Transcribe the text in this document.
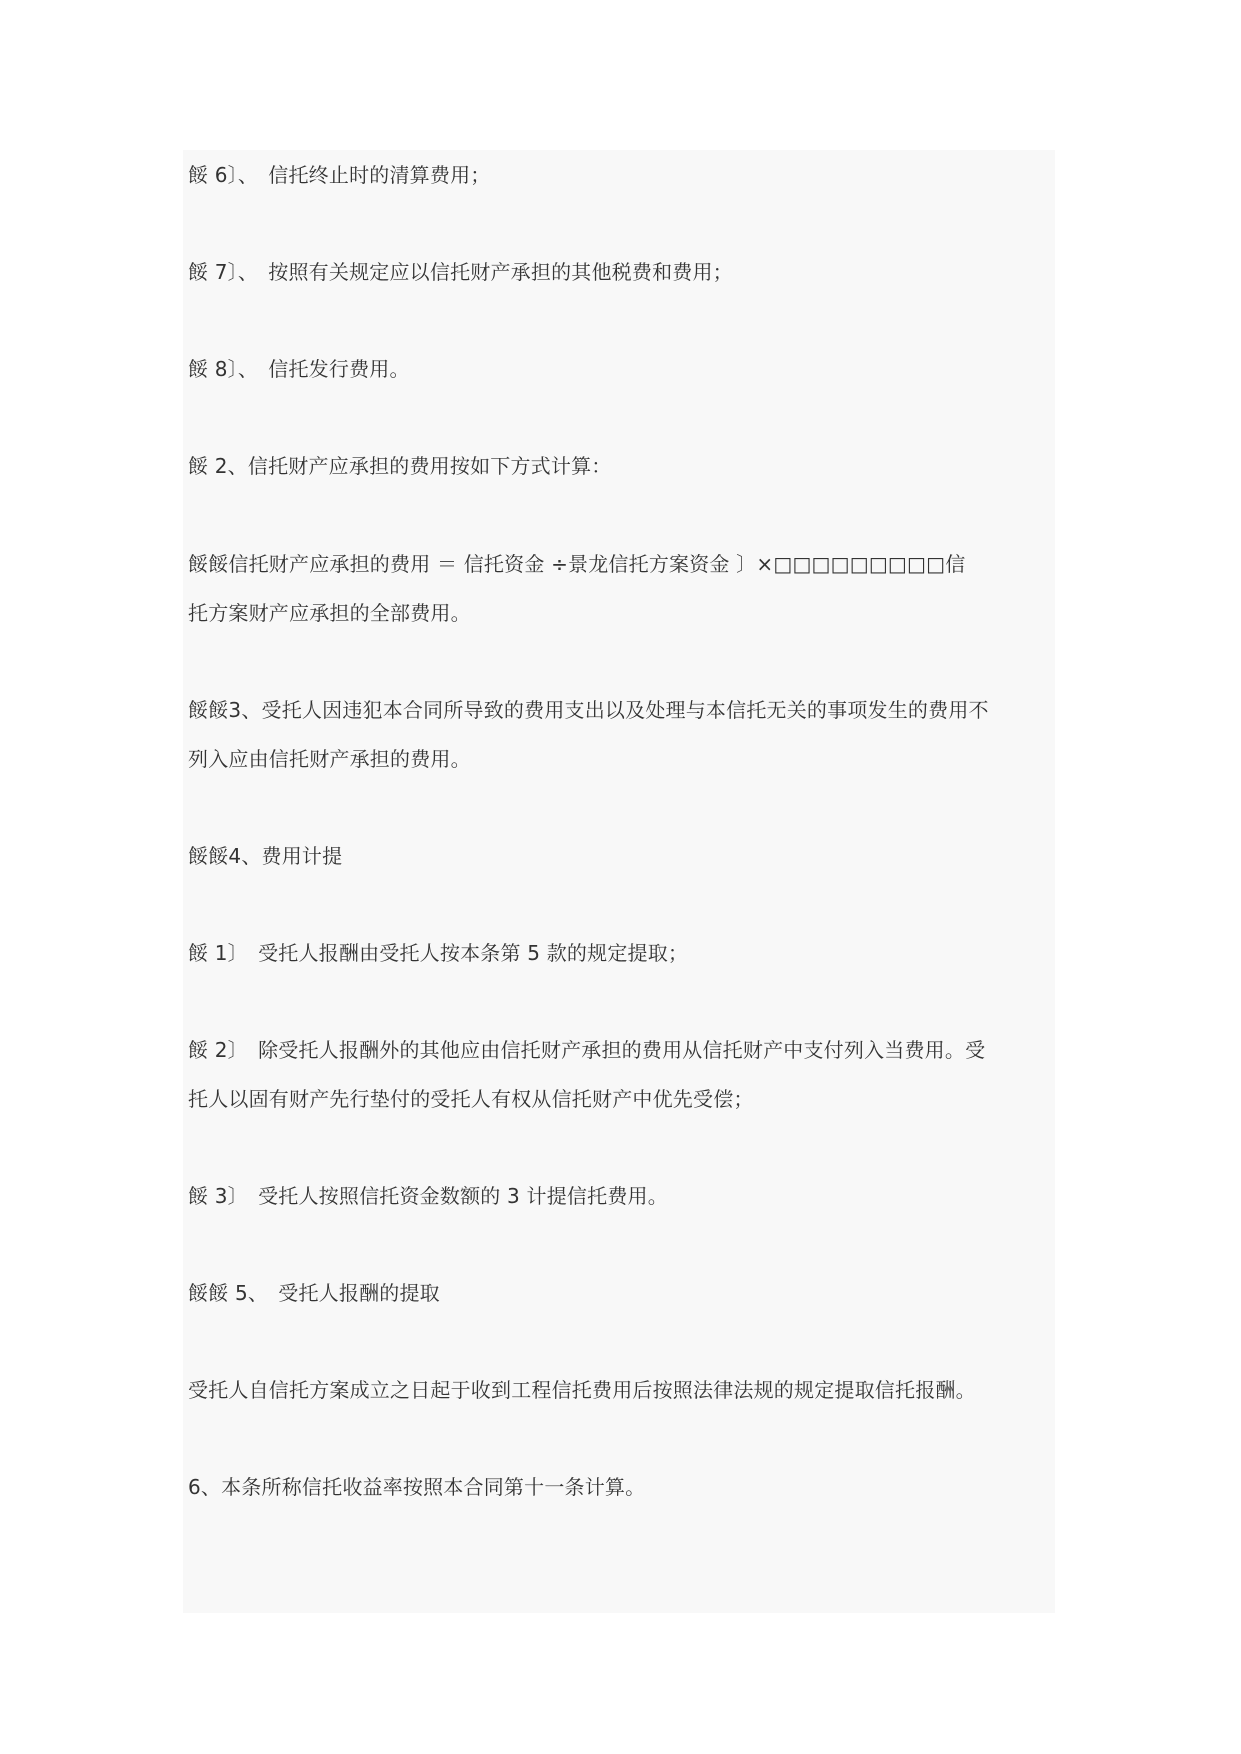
餒 6〕、　信托终止时的清算费用；

餒 7〕、　按照有关规定应以信托财产承担的其他税费和费用；

餒 8〕、　信托发行费用。

餒 2、信托财产应承担的费用按如下方式计算：

餒餒信托财产应承担的费用 ＝ 信托资金 ÷景龙信托方案资金 〕×□□□□□□□□□信

托方案财产应承担的全部费用。

餒餒3、受托人因违犯本合同所导致的费用支出以及处理与本信托无关的事项发生的费用不

列入应由信托财产承担的费用。

餒餒4、费用计提

餒 1〕　受托人报酬由受托人按本条第 5 款的规定提取；

餒 2〕　除受托人报酬外的其他应由信托财产承担的费用从信托财产中支付列入当费用。受

托人以固有财产先行垫付的受托人有权从信托财产中优先受偿；

餒 3〕　受托人按照信托资金数额的 3 计提信托费用。

餒餒 5、　受托人报酬的提取

受托人自信托方案成立之日起于收到工程信托费用后按照法律法规的规定提取信托报酬。

6、本条所称信托收益率按照本合同第十一条计算。
